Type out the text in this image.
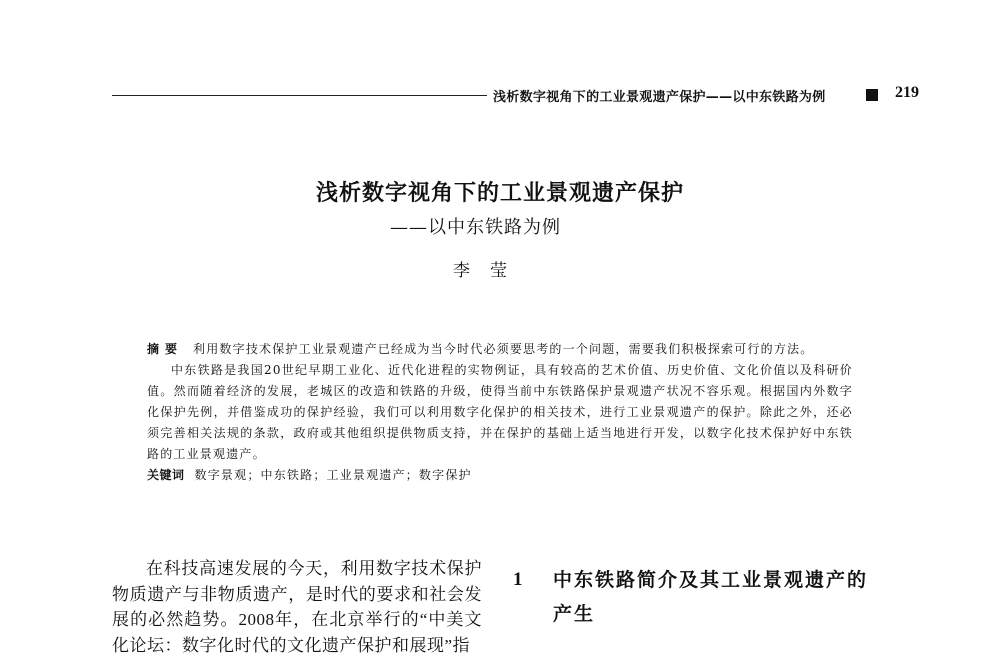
浅析数字视角下的工业景观遗产保护——以中东铁路为例	219
浅析数字视角下的工业景观遗产保护
——以中东铁路为例
李莹

摘要 利用数字技术保护工业景观遗产已经成为当今时代必须要思考的一个问题，需要我们积极探索可行的方法。

中东铁路是我国20世纪早期工业化、近代化进程的实物例证，具有较高的艺术价值、历史价值、文化价值以及科研价值。然而随着经济的发展，老城区的改造和铁路的升级，使得当前中东铁路保护景观遗产状况不容乐观。根据国内外数字化保护先例，并借鉴成功的保护经验，我们可以利用数字化保护的相关技术，进行工业景观遗产的保护。除此之外，还必须完善相关法规的条款，政府或其他组织提供物质支持，并在保护的基础上适当地进行开发，以数字化技术保护好中东铁路的工业景观遗产。

关键词 数字景观；中东铁路；工业景观遗产；数字保护

在科技高速发展的今天，利用数字技术保护物质遗产与非物质遗产，是时代的要求和社会发展的必然趋势。2008年，在北京举行的“中美文化论坛：数字化时代的文化遗产保护和展现”指

1 中东铁路简介及其工业景观遗产的产生
